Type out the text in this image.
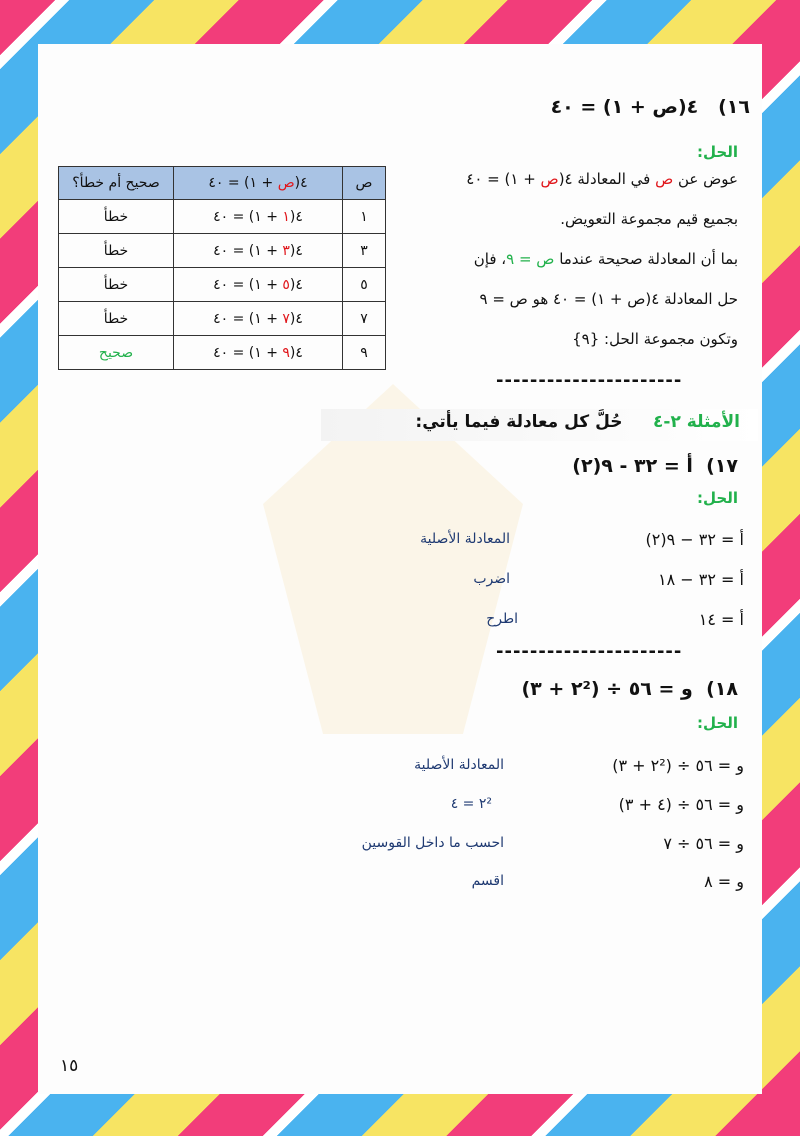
١٦)   ٤(ص + ١) = ٤٠
الحل:
عوض عن ص في المعادلة ٤(ص + ١) = ٤٠
بجميع قيم مجموعة التعويض.
بما أن المعادلة صحيحة عندما ص = ٩، فإن
حل المعادلة ٤(ص + ١) = ٤٠ هو ص = ٩
وتكون مجموعة الحل: {٩}
ص	٤(ص + ١) = ٤٠	صحيح أم خطأ؟
١	٤(١ + ١) = ٤٠	خطأ
٣	٤(٣ + ١) = ٤٠	خطأ
٥	٤(٥ + ١) = ٤٠	خطأ
٧	٤(٧ + ١) = ٤٠	خطأ
٩	٤(٩ + ١) = ٤٠	صحيح
----------------------
الأمثلة ٢-٤      حُلَّ كل معادلة فيما يأتي:
١٧)  أ = ٣٢ - ٩(٢)
الحل:
أ = ٣٢ − ٩(٢)
المعادلة الأصلية
أ = ٣٢ − ١٨
اضرب
أ = ١٤
اطرح
----------------------
١٨)  و = ٥٦ ÷ (٢² + ٣)
الحل:
و = ٥٦ ÷ (٢² + ٣)
المعادلة الأصلية
و = ٥٦ ÷ (٤ + ٣)
٢² = ٤
و = ٥٦ ÷ ٧
احسب ما داخل القوسين
و = ٨
اقسم
١٥
